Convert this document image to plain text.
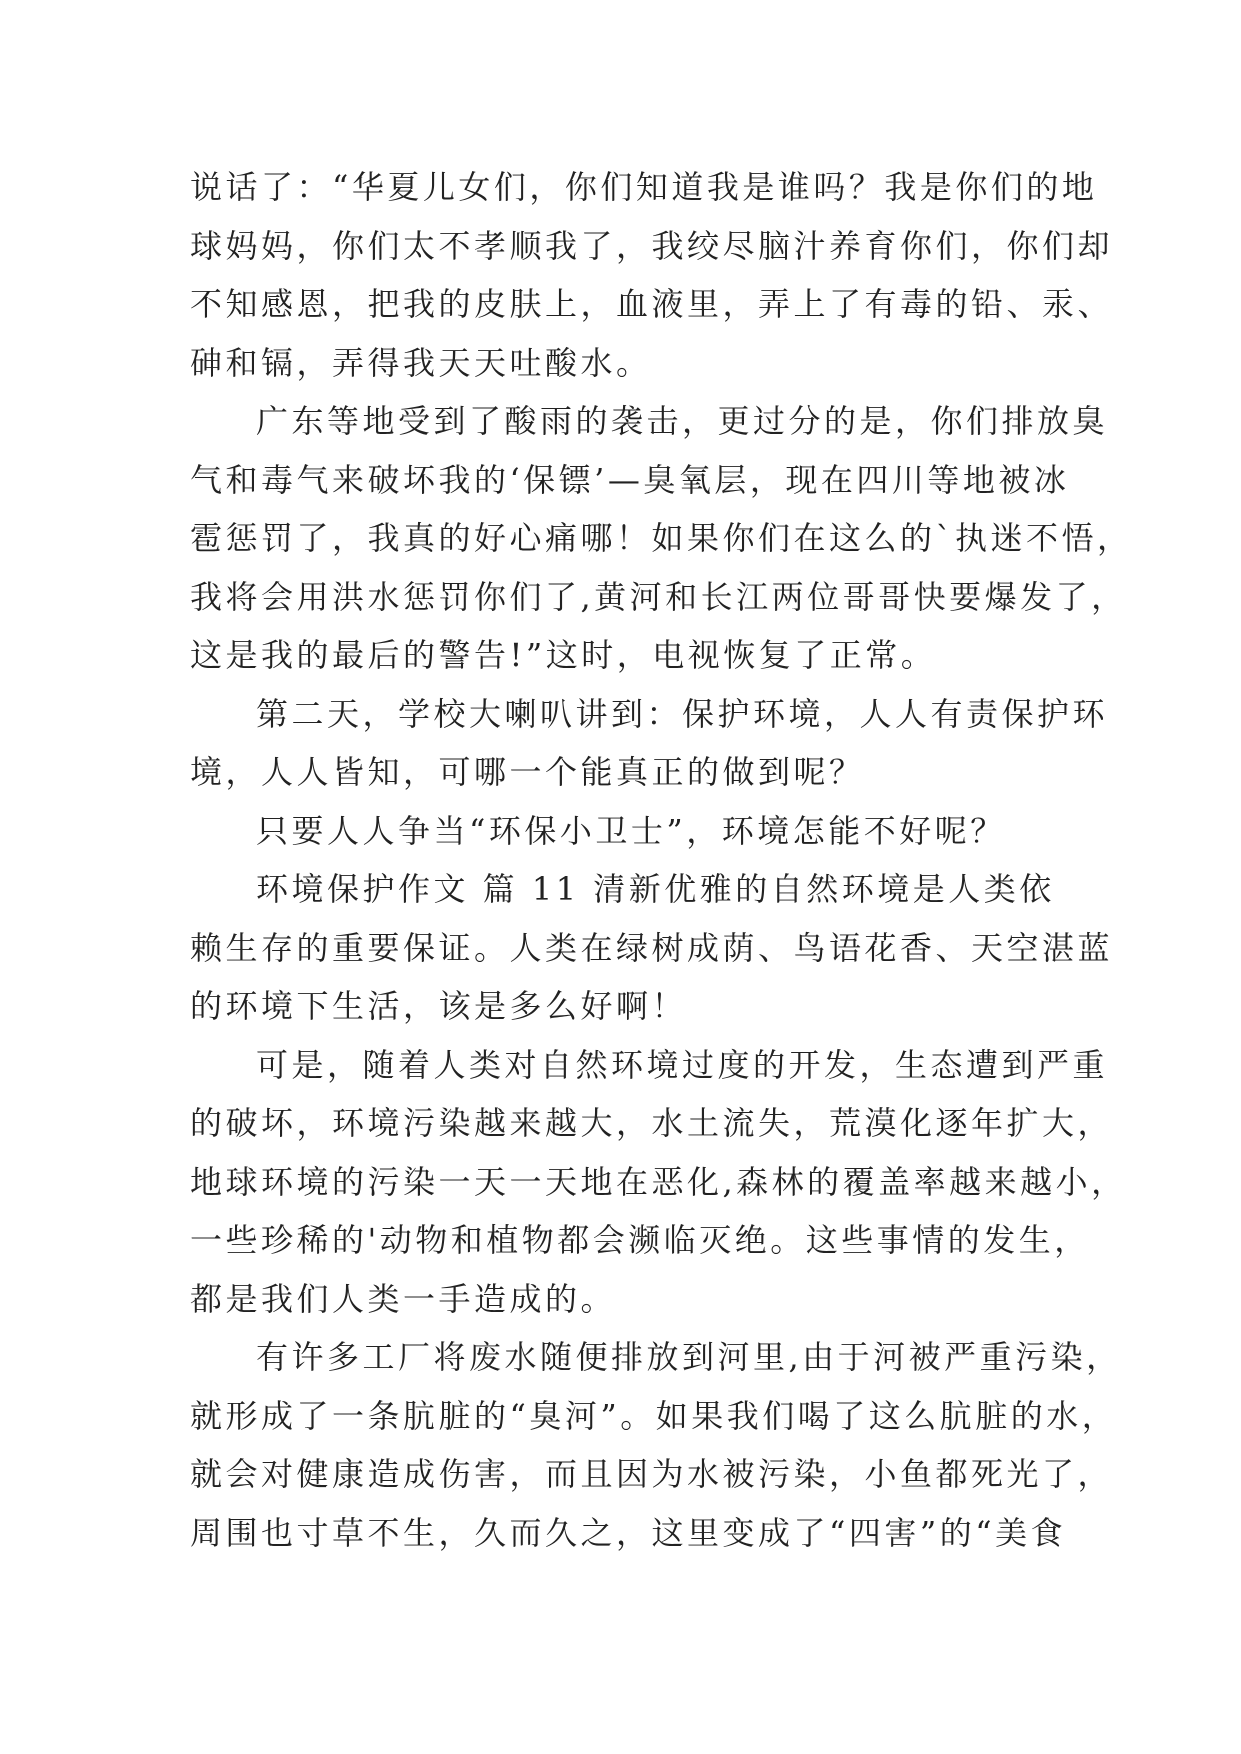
说话了：“华夏儿女们，你们知道我是谁吗？我是你们的地
球妈妈，你们太不孝顺我了，我绞尽脑汁养育你们，你们却
不知感恩，把我的皮肤上，血液里，弄上了有毒的铅、汞、
砷和镉，弄得我天天吐酸水。
广东等地受到了酸雨的袭击，更过分的是，你们排放臭
气和毒气来破坏我的‘保镖’—臭氧层，现在四川等地被冰
雹惩罚了，我真的好心痛哪！如果你们在这么的`执迷不悟，
我将会用洪水惩罚你们了,黄河和长江两位哥哥快要爆发了，
这是我的最后的警告!”这时，电视恢复了正常。
第二天，学校大喇叭讲到：保护环境，人人有责保护环
境，人人皆知，可哪一个能真正的做到呢？
只要人人争当“环保小卫士”，环境怎能不好呢？
环境保护作文 篇 11 清新优雅的自然环境是人类依
赖生存的重要保证。人类在绿树成荫、鸟语花香、天空湛蓝
的环境下生活，该是多么好啊！
可是，随着人类对自然环境过度的开发，生态遭到严重
的破坏，环境污染越来越大，水土流失，荒漠化逐年扩大，
地球环境的污染一天一天地在恶化,森林的覆盖率越来越小，
一些珍稀的'动物和植物都会濒临灭绝。这些事情的发生，
都是我们人类一手造成的。
有许多工厂将废水随便排放到河里,由于河被严重污染，
就形成了一条肮脏的“臭河”。如果我们喝了这么肮脏的水，
就会对健康造成伤害，而且因为水被污染，小鱼都死光了，
周围也寸草不生，久而久之，这里变成了“四害”的“美食
